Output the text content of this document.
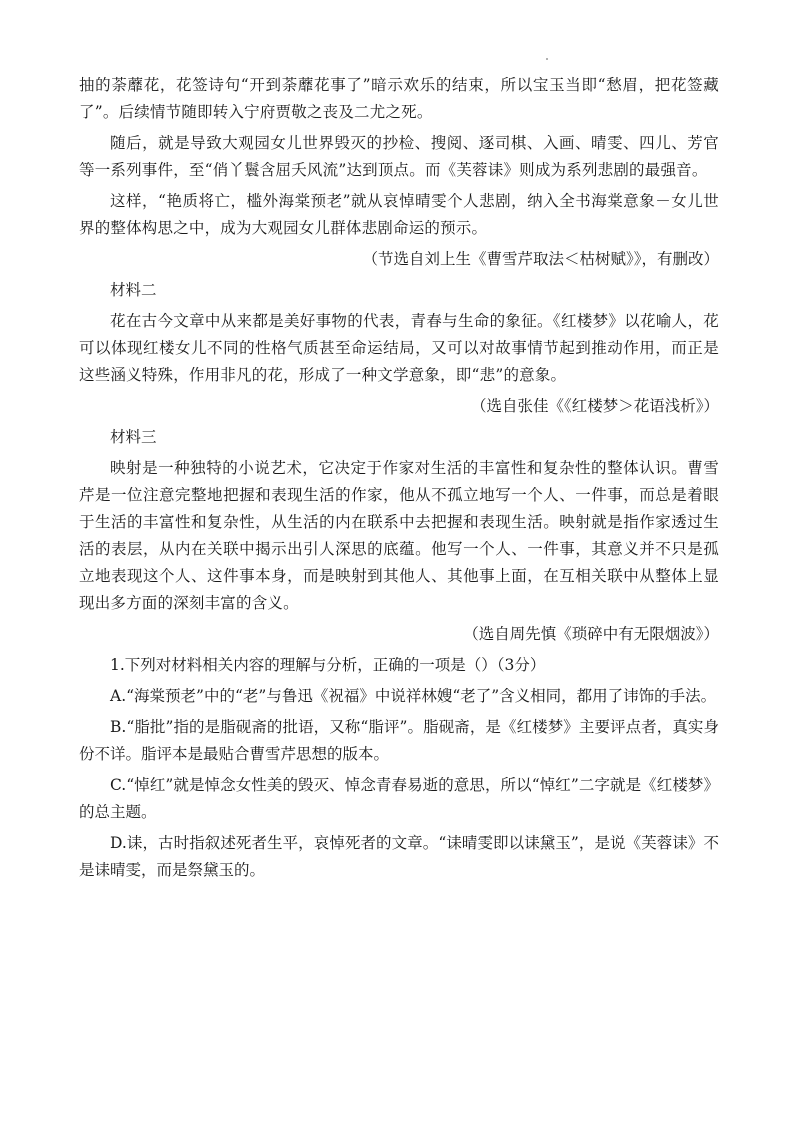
抽的荼蘼花，花签诗句“开到荼蘼花事了”暗示欢乐的结束，所以宝玉当即“愁眉，把花签藏了”。后续情节随即转入宁府贾敬之丧及二尤之死。

随后，就是导致大观园女儿世界毁灭的抄检、搜阅、逐司棋、入画、晴雯、四儿、芳官等一系列事件，至“俏丫鬟含屈夭风流”达到顶点。而《芙蓉诔》则成为系列悲剧的最强音。

这样，“艳质将亡，槛外海棠预老”就从哀悼晴雯个人悲剧，纳入全书海棠意象－女儿世界的整体构思之中，成为大观园女儿群体悲剧命运的预示。

（节选自刘上生《曹雪芹取法＜枯树赋》》，有删改）

材料二

花在古今文章中从来都是美好事物的代表，青春与生命的象征。《红楼梦》以花喻人，花可以体现红楼女儿不同的性格气质甚至命运结局，又可以对故事情节起到推动作用，而正是这些涵义特殊，作用非凡的花，形成了一种文学意象，即“悲”的意象。

（选自张佳《《红楼梦＞花语浅析》）

材料三

映射是一种独特的小说艺术，它决定于作家对生活的丰富性和复杂性的整体认识。曹雪芹是一位注意完整地把握和表现生活的作家，他从不孤立地写一个人、一件事，而总是着眼于生活的丰富性和复杂性，从生活的内在联系中去把握和表现生活。映射就是指作家透过生活的表层，从内在关联中揭示出引人深思的底蕴。他写一个人、一件事，其意义并不只是孤立地表现这个人、这件事本身，而是映射到其他人、其他事上面，在互相关联中从整体上显现出多方面的深刻丰富的含义。

（选自周先慎《琐碎中有无限烟波》）

1.下列对材料相关内容的理解与分析，正确的一项是（）（3分）

A.“海棠预老”中的“老”与鲁迅《祝福》中说祥林嫂“老了”含义相同，都用了讳饰的手法。

B.“脂批”指的是脂砚斋的批语，又称“脂评”。脂砚斋，是《红楼梦》主要评点者，真实身份不详。脂评本是最贴合曹雪芹思想的版本。

C.“悼红”就是悼念女性美的毁灭、悼念青春易逝的意思，所以“悼红”二字就是《红楼梦》的总主题。

D.诔，古时指叙述死者生平，哀悼死者的文章。“诔晴雯即以诔黛玉”，是说《芙蓉诔》不是诔晴雯，而是祭黛玉的。
